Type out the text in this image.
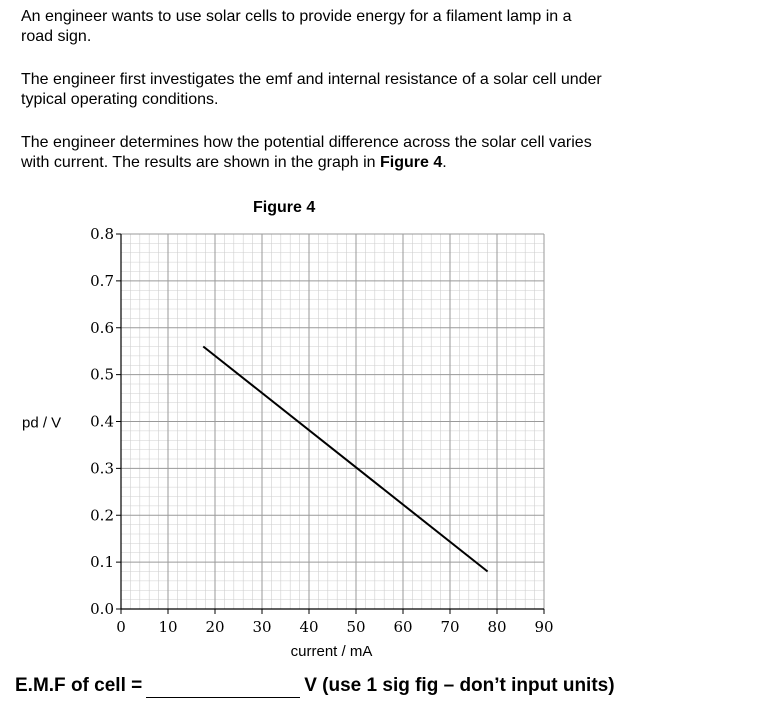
An engineer wants to use solar cells to provide energy for a filament lamp in a
road sign.

The engineer first investigates the emf and internal resistance of a solar cell under
typical operating conditions.

The engineer determines how the potential difference across the solar cell varies
with current. The results are shown in the graph in Figure 4.

Figure 4
0.0
0.1
0.2
0.3
0.4
0.5
0.6
0.7
0.8
0 10 20 30 40 50 60 70 80 90
current / mA
pd / V
E.M.F of cell =	V (use 1 sig fig – don’t input units)
